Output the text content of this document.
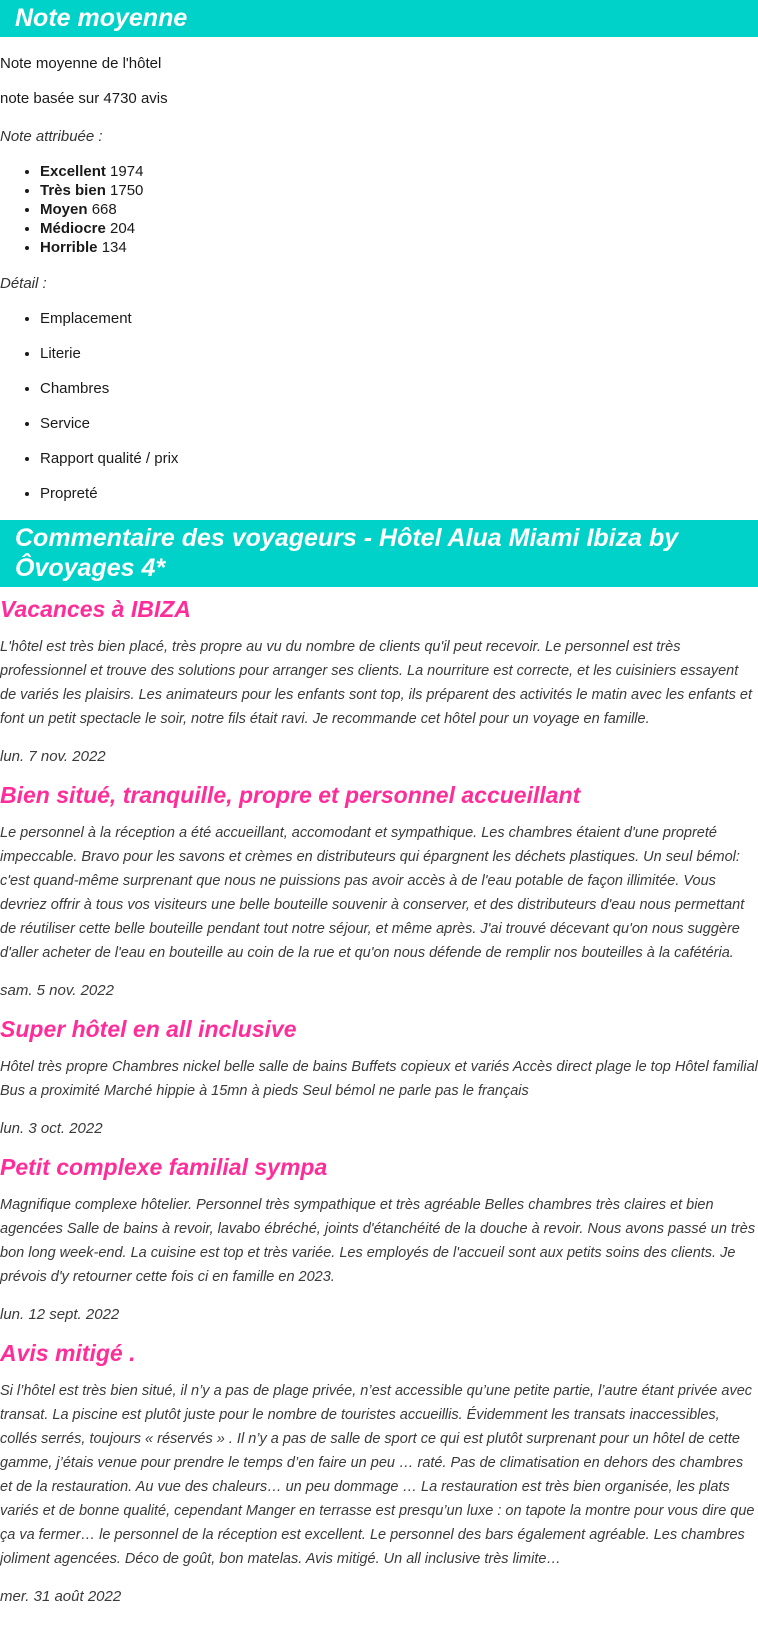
Note moyenne
Note moyenne de l'hôtel
note basée sur 4730 avis
Note attribuée :
• Excellent 1974
• Très bien 1750
• Moyen 668
• Médiocre 204
• Horrible 134
Détail :
• Emplacement
• Literie
• Chambres
• Service
• Rapport qualité / prix
• Propreté
Commentaire des voyageurs - Hôtel Alua Miami Ibiza by Ôvoyages 4*
Vacances à IBIZA

L'hôtel est très bien placé, très propre au vu du nombre de clients qu'il peut recevoir. Le personnel est très professionnel et trouve des solutions pour arranger ses clients. La nourriture est correcte, et les cuisiniers essayent de variés les plaisirs. Les animateurs pour les enfants sont top, ils préparent des activités le matin avec les enfants et font un petit spectacle le soir, notre fils était ravi. Je recommande cet hôtel pour un voyage en famille.

lun. 7 nov. 2022

Bien situé, tranquille, propre et personnel accueillant

Le personnel à la réception a été accueillant, accomodant et sympathique. Les chambres étaient d'une propreté impeccable. Bravo pour les savons et crèmes en distributeurs qui épargnent les déchets plastiques. Un seul bémol: c'est quand-même surprenant que nous ne puissions pas avoir accès à de l'eau potable de façon illimitée. Vous devriez offrir à tous vos visiteurs une belle bouteille souvenir à conserver, et des distributeurs d'eau nous permettant de réutiliser cette belle bouteille pendant tout notre séjour, et même après. J'ai trouvé décevant qu'on nous suggère d'aller acheter de l'eau en bouteille au coin de la rue et qu'on nous défende de remplir nos bouteilles à la cafétéria.

sam. 5 nov. 2022

Super hôtel en all inclusive

Hôtel très propre Chambres nickel belle salle de bains Buffets copieux et variés Accès direct plage le top Hôtel familial Bus a proximité Marché hippie à 15mn à pieds Seul bémol ne parle pas le français

lun. 3 oct. 2022

Petit complexe familial sympa

Magnifique complexe hôtelier. Personnel très sympathique et très agréable Belles chambres très claires et bien agencées Salle de bains à revoir, lavabo ébréché, joints d'étanchéité de la douche à revoir. Nous avons passé un très bon long week-end. La cuisine est top et très variée. Les employés de l'accueil sont aux petits soins des clients. Je prévois d'y retourner cette fois ci en famille en 2023.

lun. 12 sept. 2022

Avis mitigé .

Si l’hôtel est très bien situé, il n’y a pas de plage privée, n’est accessible qu’une petite partie, l’autre étant privée avec transat. La piscine est plutôt juste pour le nombre de touristes accueillis. Évidemment les transats inaccessibles, collés serrés, toujours « réservés » . Il n’y a pas de salle de sport ce qui est plutôt surprenant pour un hôtel de cette gamme, j’étais venue pour prendre le temps d’en faire un peu … raté. Pas de climatisation en dehors des chambres et de la restauration. Au vue des chaleurs… un peu dommage … La restauration est très bien organisée, les plats variés et de bonne qualité, cependant Manger en terrasse est presqu’un luxe : on tapote la montre pour vous dire que ça va fermer… le personnel de la réception est excellent. Le personnel des bars également agréable. Les chambres joliment agencées. Déco de goût, bon matelas. Avis mitigé. Un all inclusive très limite…

mer. 31 août 2022
